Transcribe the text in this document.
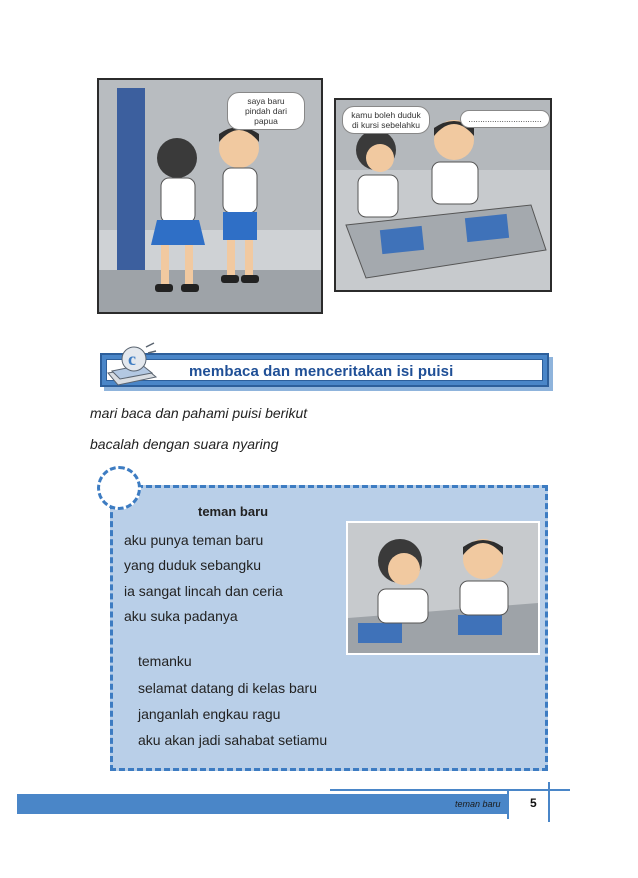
saya baru pindah dari papua
kamu boleh duduk di kursi sebelahku
...............................
membaca dan menceritakan isi puisi
c
mari baca dan pahami puisi berikut
bacalah dengan suara nyaring
teman baru
aku punya teman baru
yang duduk sebangku
ia sangat lincah dan ceria
aku suka padanya
temanku
selamat datang di kelas baru
janganlah engkau ragu
aku akan jadi sahabat setiamu
teman baru 5
